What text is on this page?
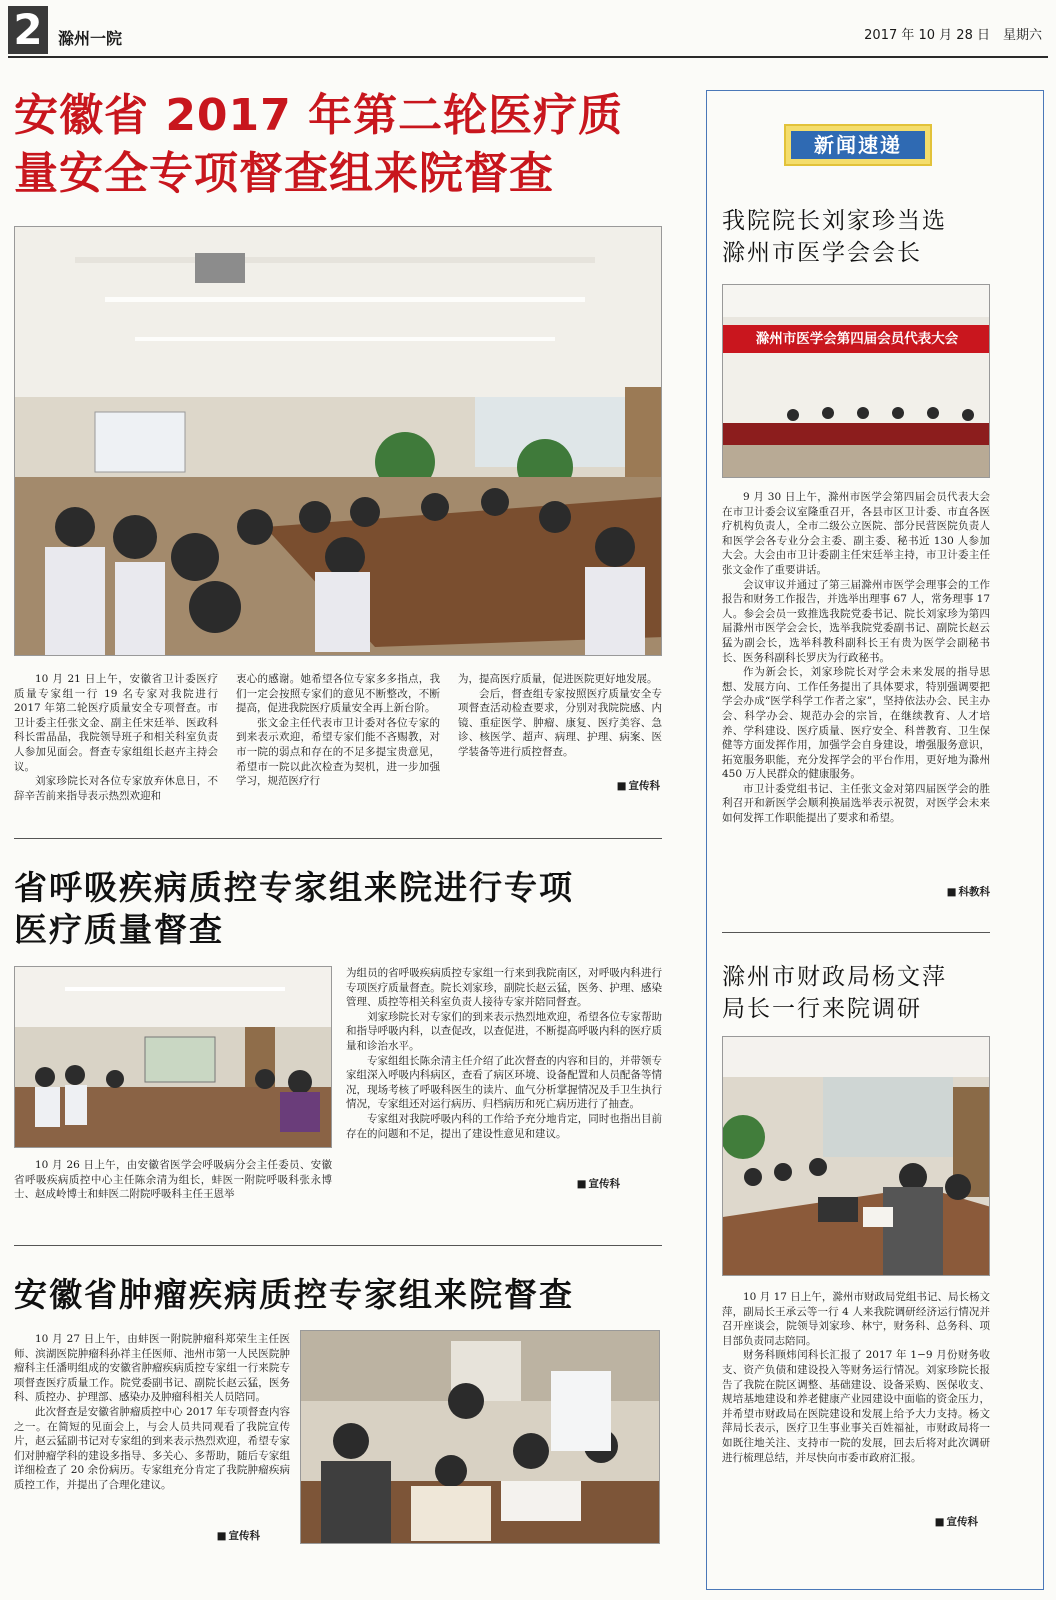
2 滁州一院	2017 年 10 月 28 日　星期六
安徽省 2017 年第二轮医疗质
量安全专项督查组来院督查

10 月 21 日上午，安徽省卫计委医疗质量专家组一行 19 名专家对我院进行 2017 年第二轮医疗质量安全专项督查。市卫计委主任张文金、副主任宋廷举、医政科科长雷晶晶，我院领导班子和相关科室负责人参加见面会。督查专家组组长赵卉主持会议。

刘家珍院长对各位专家放弃休息日，不辞辛苦前来指导表示热烈欢迎和

衷心的感谢。她希望各位专家多多指点，我们一定会按照专家们的意见不断整改，不断提高，促进我院医疗质量安全再上新台阶。

张文金主任代表市卫计委对各位专家的到来表示欢迎，希望专家们能不吝赐教，对市一院的弱点和存在的不足多提宝贵意见，希望市一院以此次检查为契机，进一步加强学习，规范医疗行

为，提高医疗质量，促进医院更好地发展。

会后，督查组专家按照医疗质量安全专项督查活动检查要求，分别对我院院感、内镜、重症医学、肿瘤、康复、医疗美容、急诊、核医学、超声、病理、护理、病案、医学装备等进行质控督查。

■ 宣传科
省呼吸疾病质控专家组来院进行专项
医疗质量督查

10 月 26 日上午，由安徽省医学会呼吸病分会主任委员、安徽省呼吸疾病质控中心主任陈余清为组长，蚌医一附院呼吸科张永博士、赵成岭博士和蚌医二附院呼吸科主任王恩举

为组员的省呼吸疾病质控专家组一行来到我院南区，对呼吸内科进行专项医疗质量督查。院长刘家珍，副院长赵云猛，医务、护理、感染管理、质控等相关科室负责人接待专家并陪同督查。

刘家珍院长对专家们的到来表示热烈地欢迎，希望各位专家帮助和指导呼吸内科，以查促改，以查促进，不断提高呼吸内科的医疗质量和诊治水平。

专家组组长陈余清主任介绍了此次督查的内容和目的，并带领专家组深入呼吸内科病区，查看了病区环境、设备配置和人员配备等情况，现场考核了呼吸科医生的读片、血气分析掌握情况及手卫生执行情况，专家组还对运行病历、归档病历和死亡病历进行了抽查。

专家组对我院呼吸内科的工作给予充分地肯定，同时也指出目前存在的问题和不足，提出了建设性意见和建议。

■ 宣传科
安徽省肿瘤疾病质控专家组来院督查

10 月 27 日上午，由蚌医一附院肿瘤科郑荣生主任医师、滨湖医院肿瘤科孙祥主任医师、池州市第一人民医院肿瘤科主任潘明组成的安徽省肿瘤疾病质控专家组一行来院专项督查医疗质量工作。院党委副书记、副院长赵云猛，医务科、质控办、护理部、感染办及肿瘤科相关人员陪同。

此次督查是安徽省肿瘤质控中心 2017 年专项督查内容之一。在简短的见面会上，与会人员共同观看了我院宣传片，赵云猛副书记对专家组的到来表示热烈欢迎，希望专家们对肿瘤学科的建设多指导、多关心、多帮助，随后专家组详细检查了 20 余份病历。专家组充分肯定了我院肿瘤疾病质控工作，并提出了合理化建议。

■ 宣传科
新闻速递
我院院长刘家珍当选
滁州市医学会会长
滁州市医学会第四届会员代表大会

9 月 30 日上午，滁州市医学会第四届会员代表大会在市卫计委会议室隆重召开，各县市区卫计委、市直各医疗机构负责人，全市二级公立医院、部分民营医院负责人和医学会各专业分会主委、副主委、秘书近 130 人参加大会。大会由市卫计委副主任宋廷举主持，市卫计委主任张文金作了重要讲话。

会议审议并通过了第三届滁州市医学会理事会的工作报告和财务工作报告，并选举出理事 67 人，常务理事 17 人。参会会员一致推选我院党委书记、院长刘家珍为第四届滁州市医学会会长，选举我院党委副书记、副院长赵云猛为副会长，选举科教科副科长王有贵为医学会副秘书长、医务科副科长罗庆为行政秘书。

作为新会长，刘家珍院长对学会未来发展的指导思想、发展方向、工作任务提出了具体要求，特别强调要把学会办成“医学科学工作者之家”，坚持依法办会、民主办会、科学办会、规范办会的宗旨，在继续教育、人才培养、学科建设、医疗质量、医疗安全、科普教育、卫生保健等方面发挥作用，加强学会自身建设，增强服务意识，拓宽服务职能，充分发挥学会的平台作用，更好地为滁州 450 万人民群众的健康服务。

市卫计委党组书记、主任张文金对第四届医学会的胜利召开和新医学会顺利换届选举表示祝贺，对医学会未来如何发挥工作职能提出了要求和希望。

■ 科教科
滁州市财政局杨文萍
局长一行来院调研

10 月 17 日上午，滁州市财政局党组书记、局长杨文萍，副局长王承云等一行 4 人来我院调研经济运行情况并召开座谈会，院领导刘家珍、林宁，财务科、总务科、项目部负责同志陪同。

财务科顾炜闰科长汇报了 2017 年 1−9 月份财务收支、资产负债和建设投入等财务运行情况。刘家珍院长报告了我院在院区调整、基础建设、设备采购、医保收支、规培基地建设和养老健康产业园建设中面临的资金压力，并希望市财政局在医院建设和发展上给予大力支持。杨文萍局长表示，医疗卫生事业事关百姓福祉，市财政局将一如既往地关注、支持市一院的发展，回去后将对此次调研进行梳理总结，并尽快向市委市政府汇报。

■ 宣传科
